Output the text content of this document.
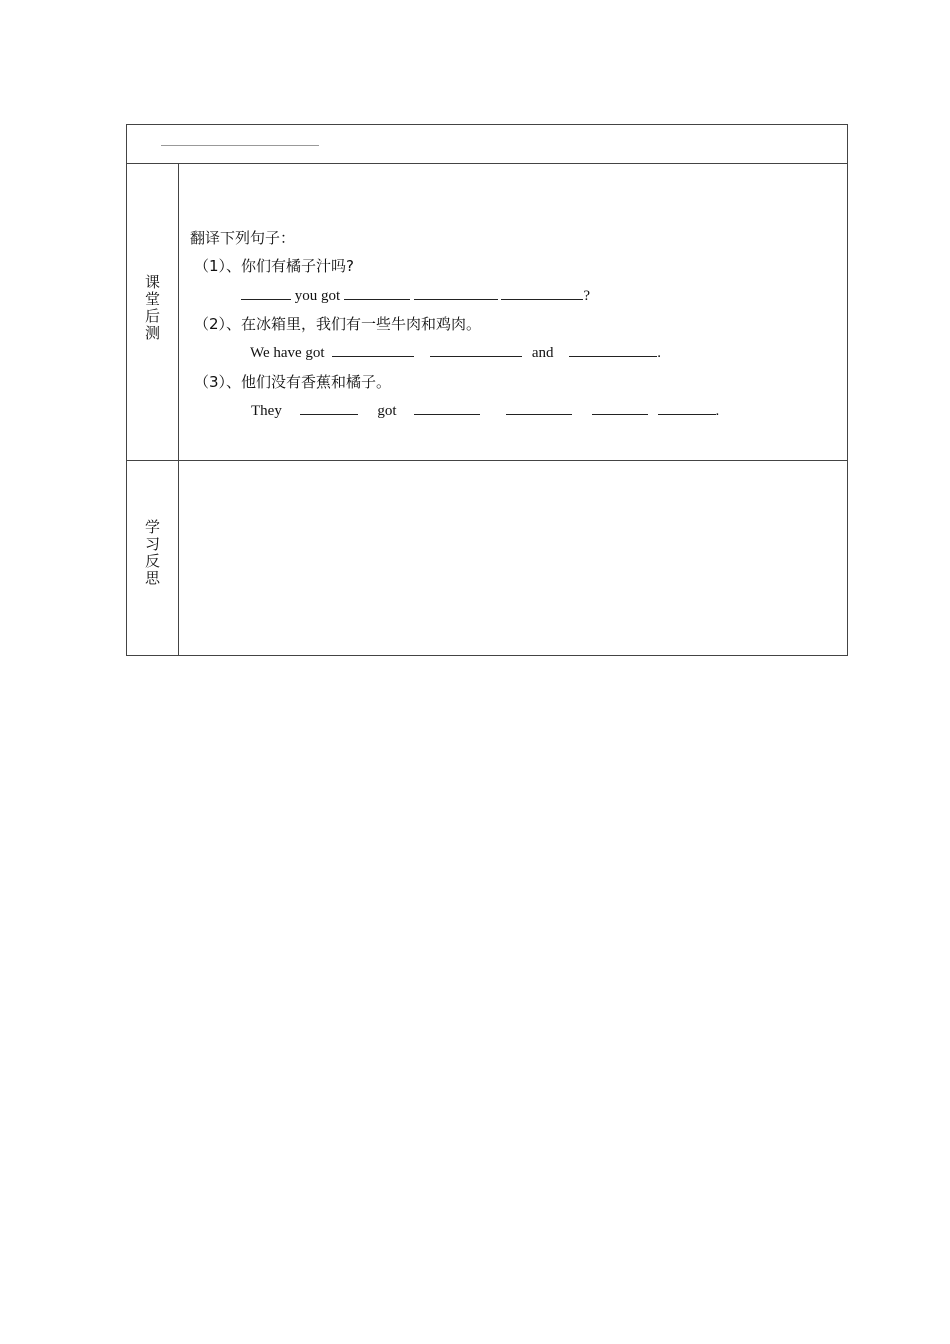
课
堂
后
测
翻译下列句子：
（1）、你们有橘子汁吗?
you got	?
（2）、在冰箱里，我们有一些牛肉和鸡肉。
We have got	and	.
（3）、他们没有香蕉和橘子。
They	got	.
学
习
反
思
